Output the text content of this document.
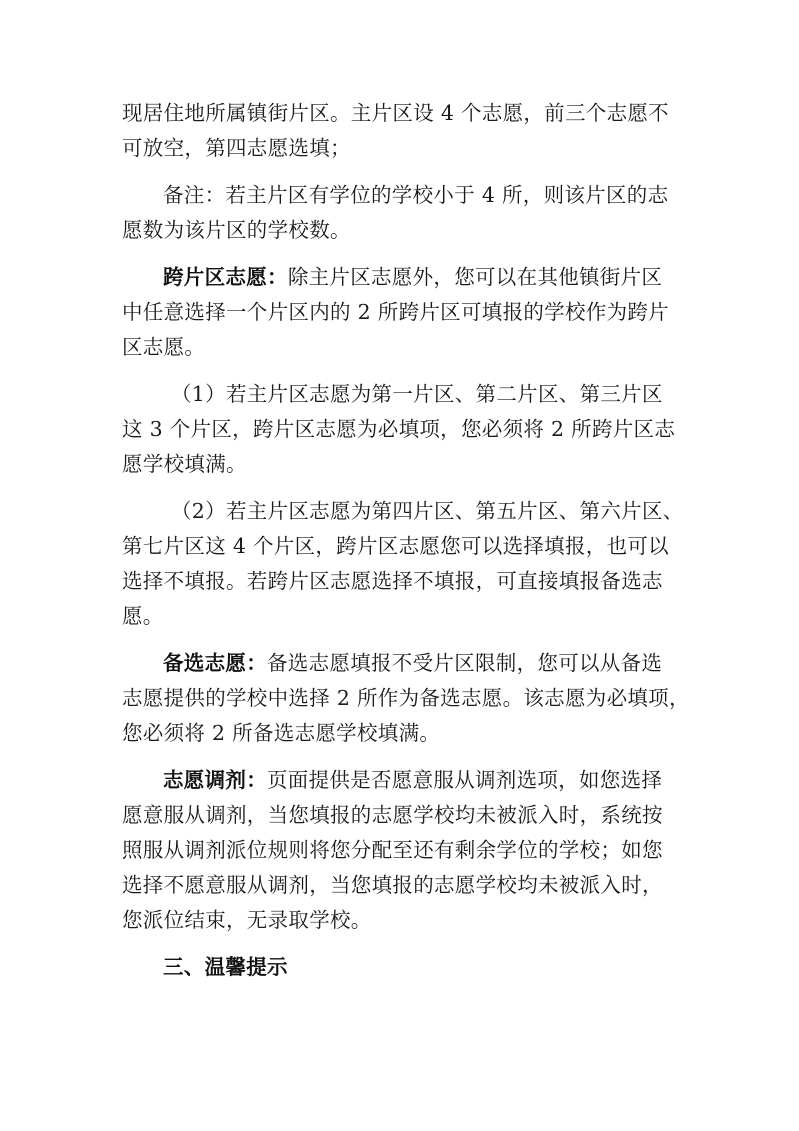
现居住地所属镇街片区。主片区设 4 个志愿，前三个志愿不
可放空，第四志愿选填；
备注：若主片区有学位的学校小于 4 所，则该片区的志
愿数为该片区的学校数。
跨片区志愿：除主片区志愿外，您可以在其他镇街片区
中任意选择一个片区内的 2 所跨片区可填报的学校作为跨片
区志愿。
（1）若主片区志愿为第一片区、第二片区、第三片区
这 3 个片区，跨片区志愿为必填项，您必须将 2 所跨片区志
愿学校填满。
（2）若主片区志愿为第四片区、第五片区、第六片区、
第七片区这 4 个片区，跨片区志愿您可以选择填报，也可以
选择不填报。若跨片区志愿选择不填报，可直接填报备选志
愿。
备选志愿：备选志愿填报不受片区限制，您可以从备选
志愿提供的学校中选择 2 所作为备选志愿。该志愿为必填项，
您必须将 2 所备选志愿学校填满。
志愿调剂：页面提供是否愿意服从调剂选项，如您选择
愿意服从调剂，当您填报的志愿学校均未被派入时，系统按
照服从调剂派位规则将您分配至还有剩余学位的学校；如您
选择不愿意服从调剂，当您填报的志愿学校均未被派入时，
您派位结束，无录取学校。
三、温馨提示
